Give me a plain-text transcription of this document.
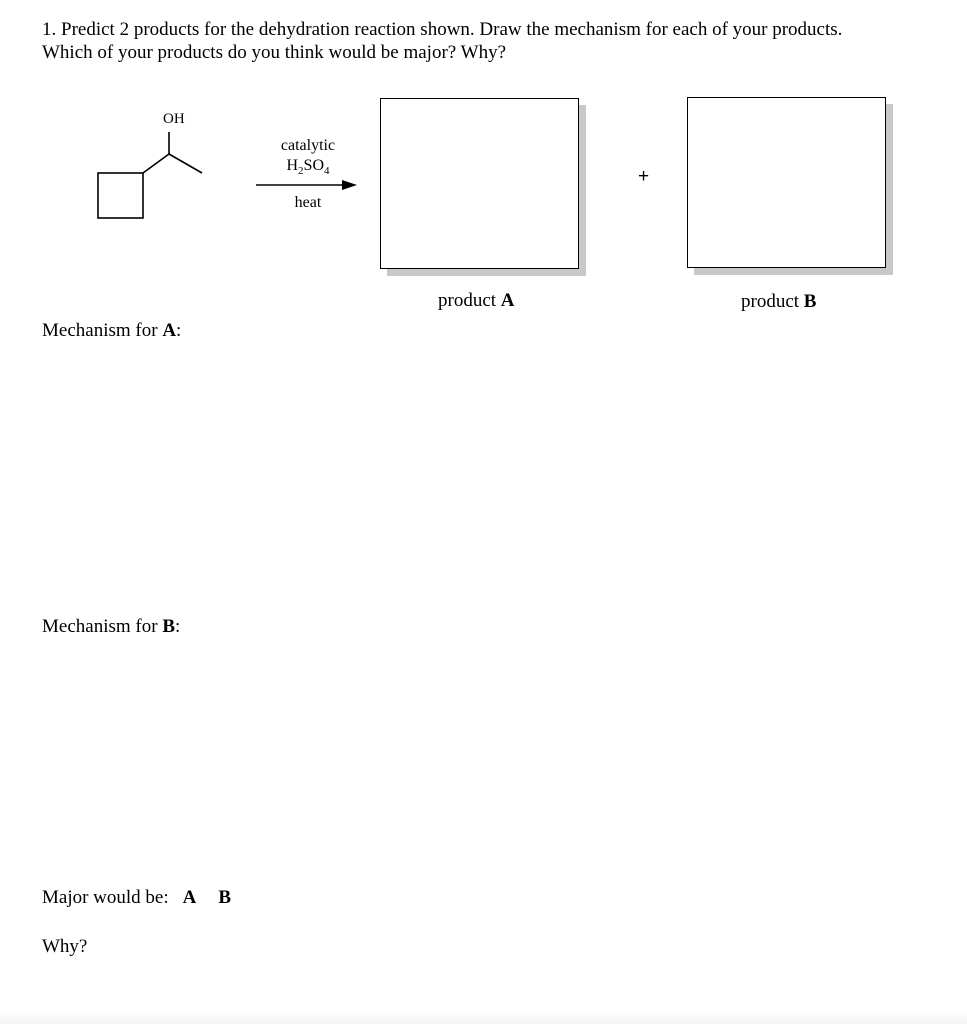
1. Predict 2 products for the dehydration reaction shown. Draw the mechanism for each of your products.

Which of your products do you think would be major? Why?

OH
catalytic
$H_2SO_4$
heat
+
product A	product B
Mechanism for A:
Mechanism for B:
Major would be: A B
Why?
